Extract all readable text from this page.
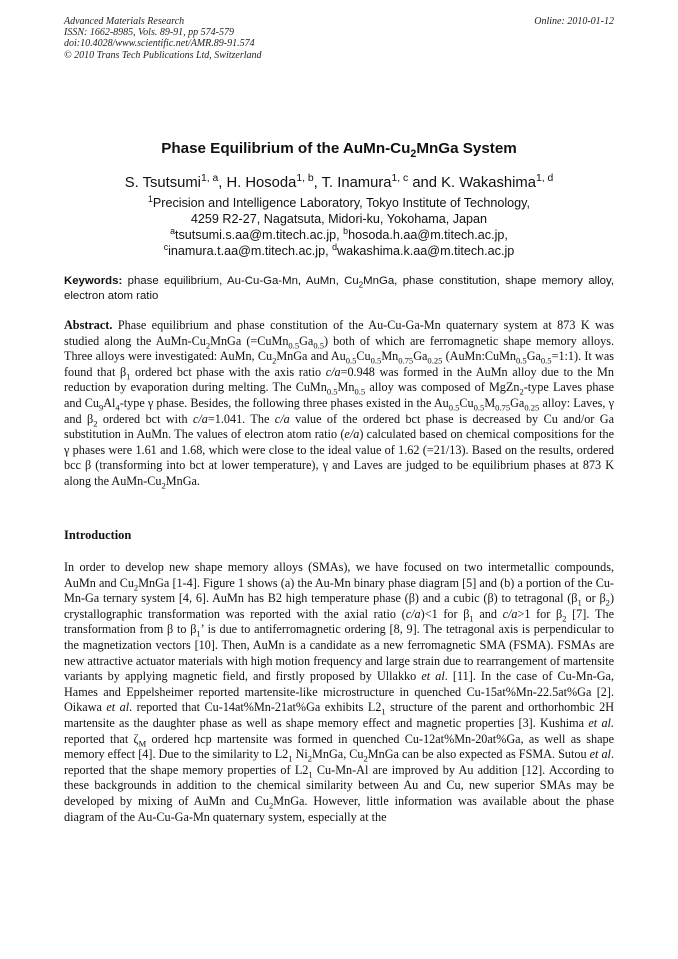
Advanced Materials Research
ISSN: 1662-8985, Vols. 89-91, pp 574-579
doi:10.4028/www.scientific.net/AMR.89-91.574
© 2010 Trans Tech Publications Ltd, Switzerland
Online: 2010-01-12
Phase Equilibrium of the AuMn-$Cu_2MnGa$ System
S. Tsutsumi$^{1, a}$, H. Hosoda$^{1, b}$, T. Inamura$^{1, c}$ and K. Wakashima$^{1, d}$
$^1$Precision and Intelligence Laboratory, Tokyo Institute of Technology,
4259 R2-27, Nagatsuta, Midori-ku, Yokohama, Japan
$^a$tsutsumi.s.aa@m.titech.ac.jp, $^b$hosoda.h.aa@m.titech.ac.jp,
$^c$inamura.t.aa@m.titech.ac.jp, $^d$wakashima.k.aa@m.titech.ac.jp
Keywords: phase equilibrium, Au-Cu-Ga-Mn, AuMn, $Cu_2MnGa$, phase constitution, shape memory alloy, electron atom ratio
Abstract. Phase equilibrium and phase constitution of the Au-Cu-Ga-Mn quaternary system at 873 K was studied along the AuMn-$Cu_2MnGa$ $(=CuMn_{0.5}Ga_{0.5})$ both of which are ferromagnetic shape memory alloys. Three alloys were investigated: AuMn, $Cu_2MnGa$ and $Au_{0.5}Cu_{0.5}Mn_{0.75}Ga_{0.25}$ $(AuMn:CuMn_{0.5}Ga_{0.5}=1:1)$. It was found that $\beta_1$ ordered bct phase with the axis ratio c/a=0.948 was formed in the AuMn alloy due to the Mn reduction by evaporation during melting. The $CuMn_{0.5}Mn_{0.5}$ alloy was composed of MgZn$_2$-type Laves phase and $Cu_9Al_4$-type γ phase. Besides, the following three phases existed in the $Au_{0.5}Cu_{0.5}M_{0.75}Ga_{0.25}$ alloy: Laves, γ and $\beta_2$ ordered bct with c/a=1.041. The c/a value of the ordered bct phase is decreased by Cu and/or Ga substitution in AuMn. The values of electron atom ratio (e/a) calculated based on chemical compositions for the γ phases were 1.61 and 1.68, which were close to the ideal value of 1.62 (=21/13). Based on the results, ordered bcc β (transforming into bct at lower temperature), γ and Laves are judged to be equilibrium phases at 873 K along the AuMn-$Cu_2MnGa$.
Introduction
In order to develop new shape memory alloys (SMAs), we have focused on two intermetallic compounds, AuMn and $Cu_2MnGa$ [1-4]. Figure 1 shows (a) the Au-Mn binary phase diagram [5] and (b) a portion of the Cu-Mn-Ga ternary system [4, 6]. AuMn has B2 high temperature phase (β) and a cubic (β) to tetragonal ($\beta_1$ or $\beta_2$) crystallographic transformation was reported with the axial ratio (c/a)<1 for $\beta_1$ and c/a>1 for $\beta_2$ [7]. The transformation from β to $\beta_1$’ is due to antiferromagnetic ordering [8, 9]. The tetragonal axis is perpendicular to the magnetization vectors [10]. Then, AuMn is a candidate as a new ferromagnetic SMA (FSMA). FSMAs are new attractive actuator materials with high motion frequency and large strain due to rearrangement of martensite variants by applying magnetic field, and firstly proposed by Ullakko et al. [11]. In the case of Cu-Mn-Ga, Hames and Eppelsheimer reported martensite-like microstructure in quenched Cu-15at%Mn-22.5at%Ga [2]. Oikawa et al. reported that Cu-14at%Mn-21at%Ga exhibits $L2_1$ structure of the parent and orthorhombic 2H martensite as the daughter phase as well as shape memory effect and magnetic properties [3]. Kushima et al. reported that $\zeta_M$ ordered hcp martensite was formed in quenched Cu-12at%Mn-20at%Ga, as well as shape memory effect [4]. Due to the similarity to $L2_1$ $Ni_2MnGa$, $Cu_2MnGa$ can be also expected as FSMA. Sutou et al. reported that the shape memory properties of $L2_1$ Cu-Mn-Al are improved by Au addition [12]. According to these backgrounds in addition to the chemical similarity between Au and Cu, new superior SMAs may be developed by mixing of AuMn and $Cu_2MnGa$. However, little information was available about the phase diagram of the Au-Cu-Ga-Mn quaternary system, especially at the
